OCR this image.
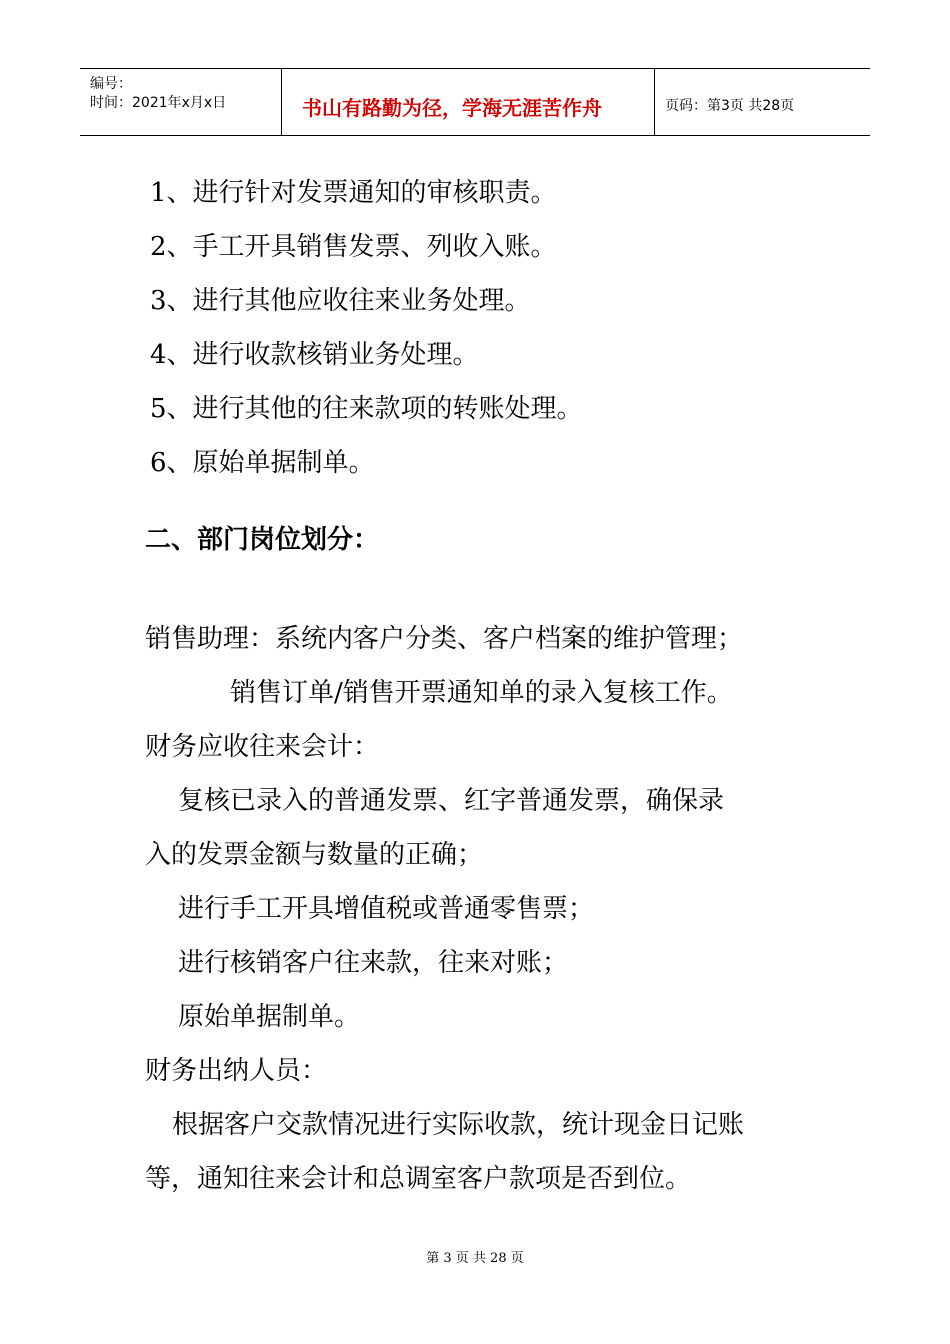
编号：
时间：2021年x月x日	书山有路勤为径，学海无涯苦作舟	页码：第3页 共28页
1、进行针对发票通知的审核职责。
2、手工开具销售发票、列收入账。
3、进行其他应收往来业务处理。
4、进行收款核销业务处理。
5、进行其他的往来款项的转账处理。
6、原始单据制单。
二、部门岗位划分：
销售助理：系统内客户分类、客户档案的维护管理；
销售订单/销售开票通知单的录入复核工作。
财务应收往来会计：
复核已录入的普通发票、红字普通发票，确保录
入的发票金额与数量的正确；
进行手工开具增值税或普通零售票；
进行核销客户往来款，往来对账；
原始单据制单。
财务出纳人员：
根据客户交款情况进行实际收款，统计现金日记账
等，通知往来会计和总调室客户款项是否到位。
第 3 页 共 28 页
